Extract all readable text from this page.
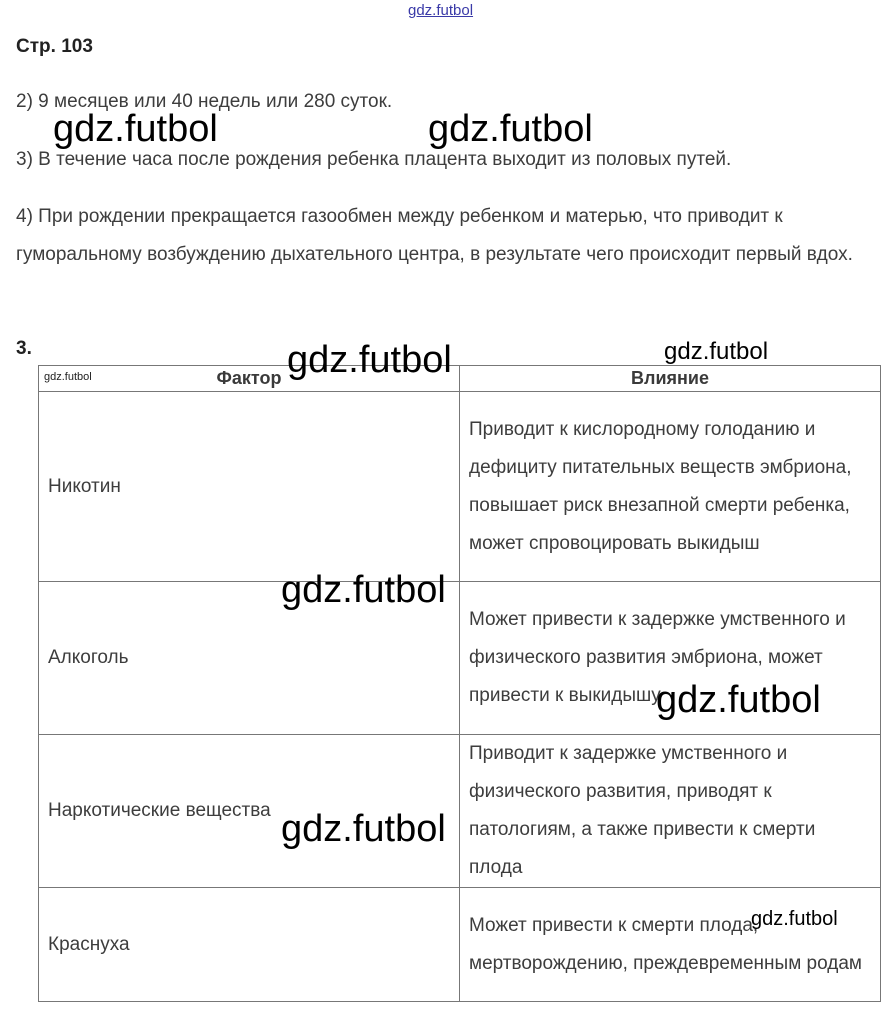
gdz.futbol
Стр. 103
2) 9 месяцев или 40 недель или 280 суток.
3) В течение часа после рождения ребенка плацента выходит из половых путей.
4) При рождении прекращается газообмен между ребенком и матерью, что приводит к гуморальному возбуждению дыхательного центра, в результате чего происходит первый вдох.
3.
gdz.futbol Фактор	Влияние
Никотин	Приводит к кислородному голоданию и дефициту питательных веществ эмбриона, повышает риск внезапной смерти ребенка, может спровоцировать выкидыш
Алкоголь	Может привести к задержке умственного и физического развития эмбриона, может привести к выкидышу
Наркотические вещества	Приводит к задержке умственного и физического развития, приводят к патологиям, а также привести к смерти плода
Краснуха	Может привести к смерти плода, мертворождению, преждевременным родам
gdz.futbol	gdz.futbol
gdz.futbol	gdz.futbol
gdz.futbol
gdz.futbol
gdz.futbol
gdz.futbol
